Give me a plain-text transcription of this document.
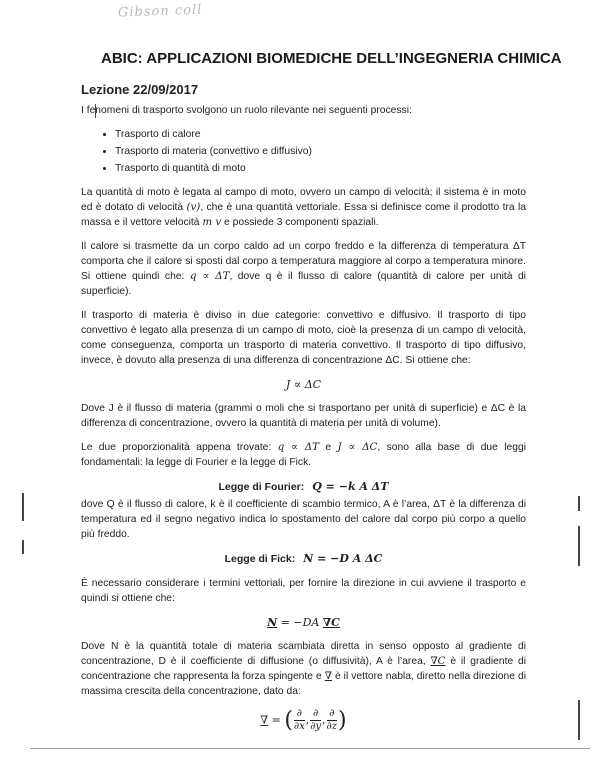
Gibson coll
ABIC: APPLICAZIONI BIOMEDICHE DELL’INGEGNERIA CHIMICA
Lezione 22/09/2017

I fenomeni di trasporto svolgono un ruolo rilevante nei seguenti processi:

• Trasporto di calore
• Trasporto di materia (convettivo e diffusivo)
• Trasporto di quantità di moto

La quantità di moto è legata al campo di moto, ovvero un campo di velocità; il sistema è in moto ed è dotato di velocità (v), che è una quantità vettoriale. Essa si definisce come il prodotto tra la massa e il vettore velocità m v e possiede 3 componenti spaziali.

Il calore si trasmette da un corpo caldo ad un corpo freddo e la differenza di temperatura ΔT comporta che il calore si sposti dal corpo a temperatura maggiore al corpo a temperatura minore. Si ottiene quindi che: q ∝ ΔT, dove q è il flusso di calore (quantità di calore per unità di superficie).

Il trasporto di materia è diviso in due categorie: convettivo e diffusivo. Il trasporto di tipo convettivo è legato alla presenza di un campo di moto, cioè la presenza di un campo di velocità, come conseguenza, comporta un trasporto di materia convettivo. Il trasporto di tipo diffusivo, invece, è dovuto alla presenza di una differenza di concentrazione ΔC. Si ottiene che:

J ∝ ΔC

Dove J è il flusso di materia (grammi o moli che si trasportano per unità di superficie) e ΔC è la differenza di concentrazione, ovvero la quantità di materia per unità di volume).

Le due proporzionalità appena trovate: q ∝ ΔT e J ∝ ΔC, sono alla base di due leggi fondamentali: la legge di Fourier e la legge di Fick.

Legge di Fourier: Q = −k A ΔT

dove Q è il flusso di calore, k è il coefficiente di scambio termico, A è l’area, ΔT è la differenza di temperatura ed il segno negativo indica lo spostamento del calore dal corpo più corpo a quello più freddo.

Legge di Fick: N = −D A ΔC

È necessario considerare i termini vettoriali, per fornire la direzione in cui avviene il trasporto e quindi si ottiene che:

N = −DA ∇C

Dove N è la quantità totale di materia scambiata diretta in senso opposto al gradiente di concentrazione, D è il coefficiente di diffusione (o diffusività), A è l’area, ∇C è il gradiente di concentrazione che rappresenta la forza spingente e ∇ è il vettore nabla, diretto nella direzione di massima crescita della concentrazione, dato da:

∇ = ( $\frac{\partial}{\partial x}$ , $\frac{\partial}{\partial y}$ , $\frac{\partial}{\partial z}$ )
